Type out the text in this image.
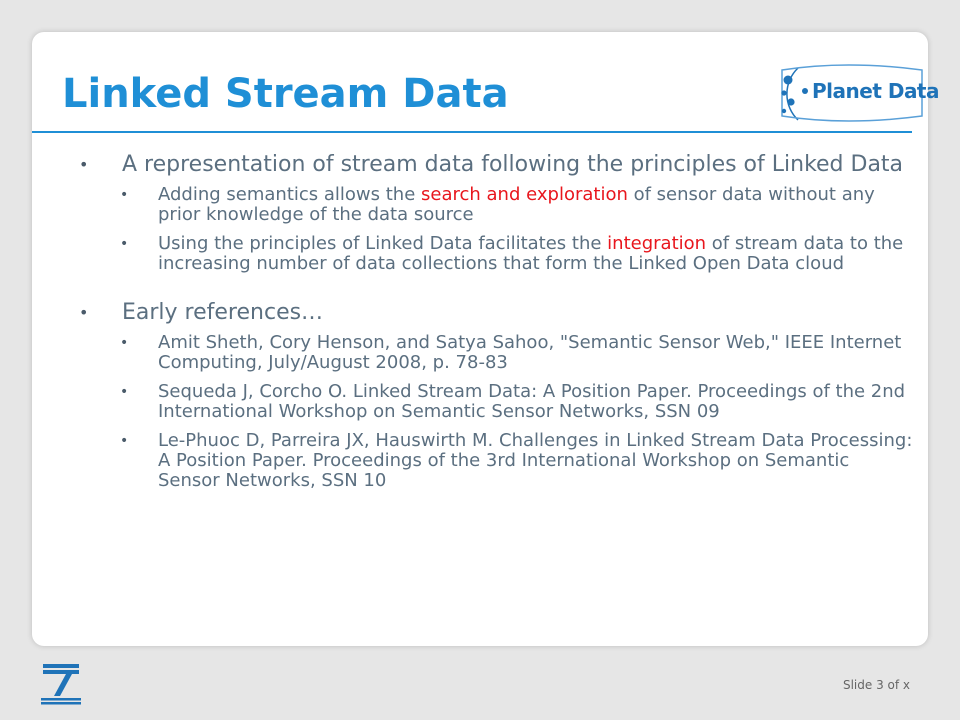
Linked Stream Data	Planet Data
• A representation of stream data following the principles of Linked Data
• Adding semantics allows the search and exploration of sensor data without any prior knowledge of the data source
• Using the principles of Linked Data facilitates the integration of stream data to the increasing number of data collections that form the Linked Open Data cloud
• Early references…
• Amit Sheth, Cory Henson, and Satya Sahoo, "Semantic Sensor Web," IEEE Internet Computing, July/August 2008, p. 78-83
• Sequeda J, Corcho O. Linked Stream Data: A Position Paper. Proceedings of the 2nd International Workshop on Semantic Sensor Networks, SSN 09
• Le-Phuoc D, Parreira JX, Hauswirth M. Challenges in Linked Stream Data Processing: A Position Paper. Proceedings of the 3rd International Workshop on Semantic Sensor Networks, SSN 10
Slide 3 of x
